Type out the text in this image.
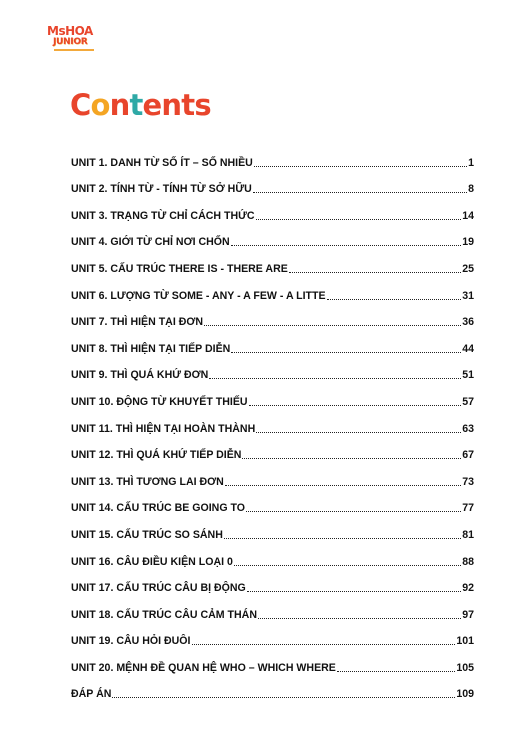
MsHOA
JUNIOR
Contents
UNIT 1. DANH TỪ SỐ ÍT – SỐ NHIỀU	1
UNIT 2. TÍNH TỪ - TÍNH TỪ SỞ HỮU	8
UNIT 3. TRẠNG TỪ CHỈ CÁCH THỨC	14
UNIT 4. GIỚI TỪ CHỈ NƠI CHỐN	19
UNIT 5. CẤU TRÚC THERE IS - THERE ARE	25
UNIT 6. LƯỢNG TỪ SOME - ANY - A FEW - A LITTE	31
UNIT 7. THÌ HIỆN TẠI ĐƠN	36
UNIT 8. THÌ HIỆN TẠI TIẾP DIỄN	44
UNIT 9. THÌ QUÁ KHỨ ĐƠN	51
UNIT 10. ĐỘNG TỪ KHUYẾT THIẾU	57
UNIT 11. THÌ HIỆN TẠI HOÀN THÀNH	63
UNIT 12. THÌ QUÁ KHỨ TIẾP DIỄN	67
UNIT 13. THÌ TƯƠNG LAI ĐƠN	73
UNIT 14. CẤU TRÚC BE GOING TO	77
UNIT 15. CẤU TRÚC SO SÁNH	81
UNIT 16. CÂU ĐIỀU KIỆN LOẠI 0	88
UNIT 17. CẤU TRÚC CÂU BỊ ĐỘNG	92
UNIT 18. CẤU TRÚC CÂU CẢM THÁN	97
UNIT 19. CÂU HỎI ĐUÔI	101
UNIT 20. MỆNH ĐỀ QUAN HỆ WHO – WHICH WHERE	105
ĐÁP ÁN	109
